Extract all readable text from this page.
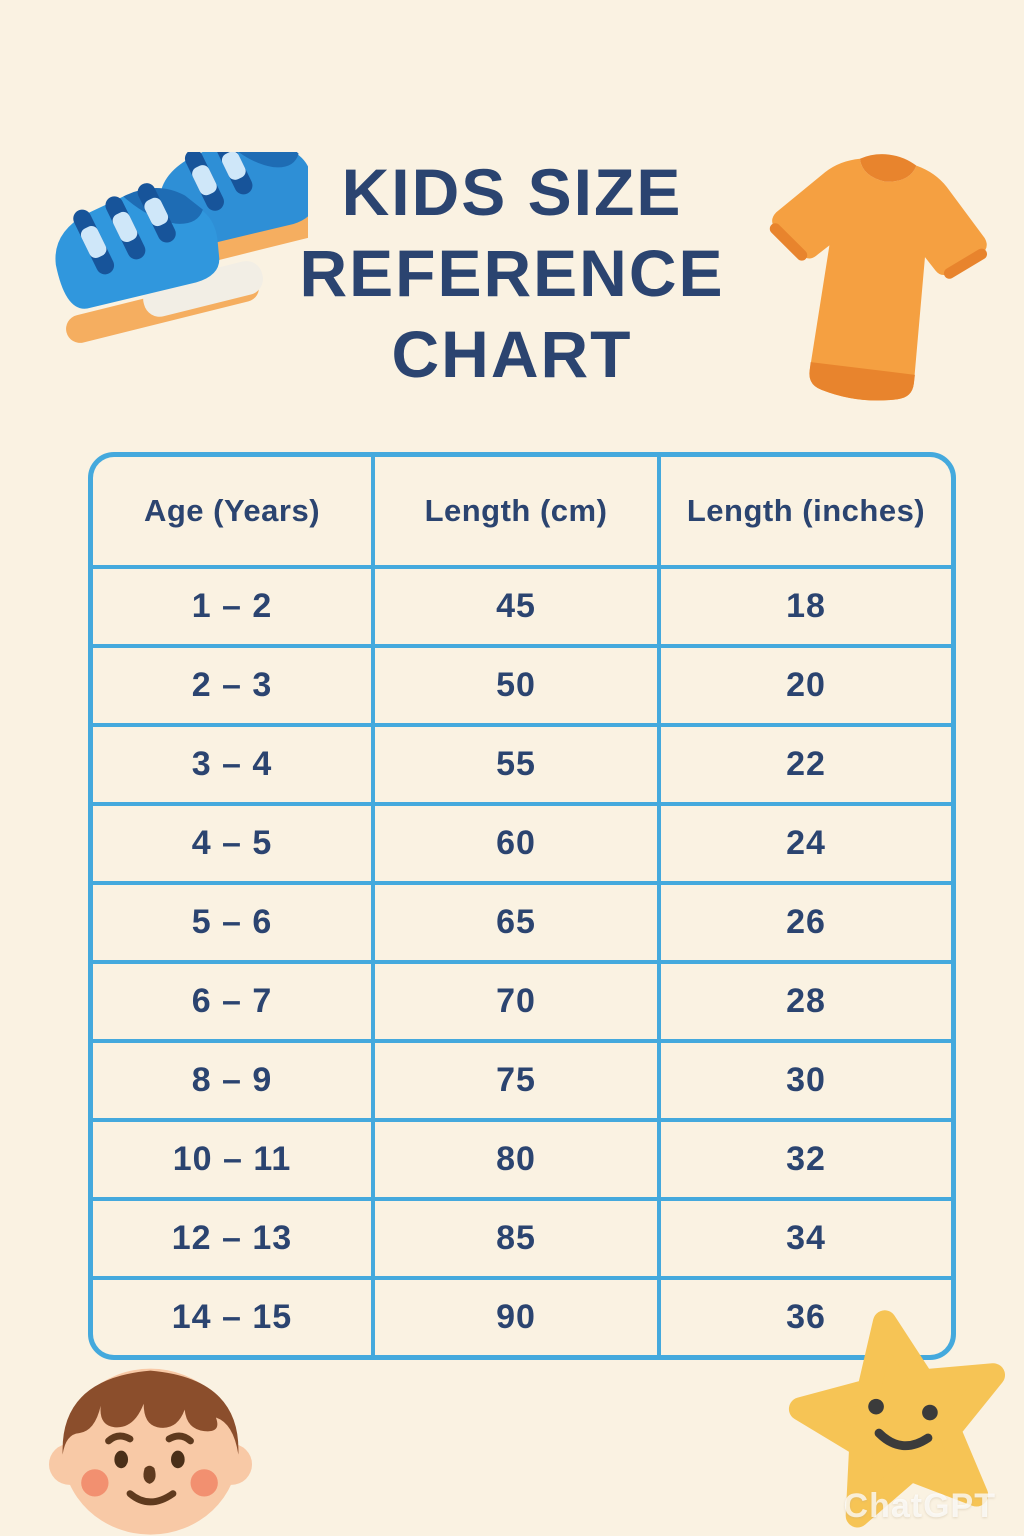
KIDS SIZE
REFERENCE
CHART
Age (Years)	Length (cm)	Length (inches)
1 – 2	45	18
2 – 3	50	20
3 – 4	55	22
4 – 5	60	24
5 – 6	65	26
6 – 7	70	28
8 – 9	75	30
10 – 11	80	32
12 – 13	85	34
14 – 15	90	36
ChatGPT
